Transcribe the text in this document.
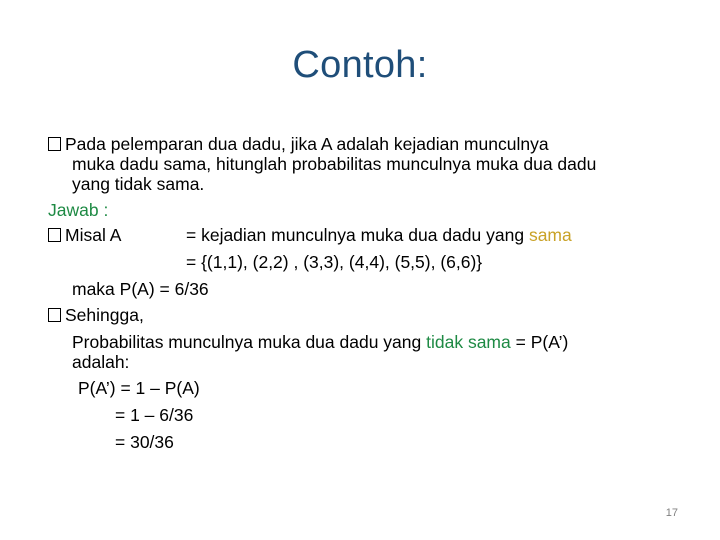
Contoh:
Pada pelemparan dua dadu, jika A adalah kejadian munculnya
muka dadu sama, hitunglah probabilitas munculnya muka dua dadu
yang tidak sama.
Jawab :
Misal A	= kejadian munculnya muka dua dadu yang sama
= {(1,1), (2,2) , (3,3), (4,4), (5,5), (6,6)}
maka P(A) = 6/36
Sehingga,
Probabilitas munculnya muka dua dadu yang tidak sama = P(A’)
adalah:
P(A’) = 1 – P(A)
= 1 – 6/36
= 30/36
17
